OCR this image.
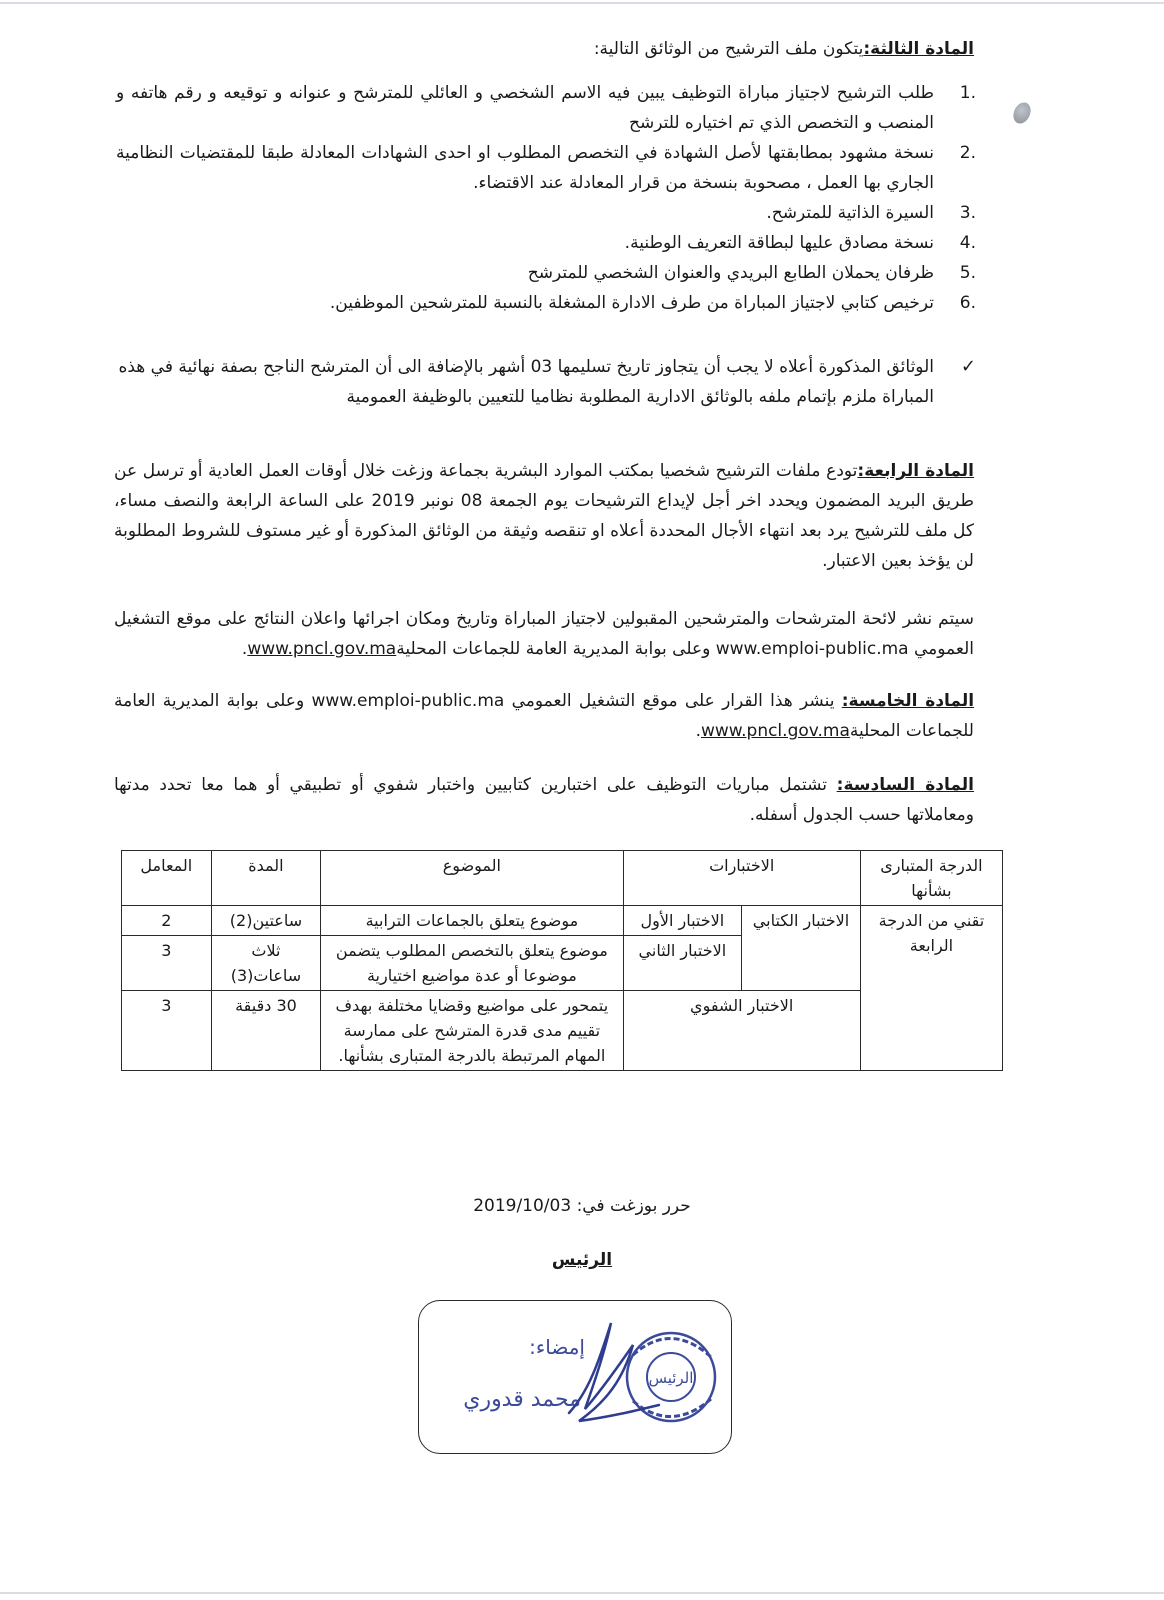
المادة الثالثة:يتكون ملف الترشيح من الوثائق التالية:
1.
طلب الترشيح لاجتياز مباراة التوظيف يبين فيه الاسم الشخصي و العائلي للمترشح و عنوانه و توقيعه و رقم هاتفه و المنصب و التخصص الذي تم اختياره للترشح
2.
نسخة مشهود بمطابقتها لأصل الشهادة في التخصص المطلوب او احدى الشهادات المعادلة طبقا للمقتضيات النظامية الجاري بها العمل ، مصحوبة بنسخة من قرار المعادلة عند الاقتضاء.
3.
السيرة الذاتية للمترشح.
4.
نسخة مصادق عليها لبطاقة التعريف الوطنية.
5.
ظرفان يحملان الطابع البريدي والعنوان الشخصي للمترشح
6.
ترخيص كتابي لاجتياز المباراة من طرف الادارة المشغلة بالنسبة للمترشحين الموظفين.
✓
الوثائق المذكورة أعلاه لا يجب أن يتجاوز تاريخ تسليمها 03 أشهر بالإضافة الى أن المترشح الناجح بصفة نهائية في هذه المباراة ملزم بإتمام ملفه بالوثائق الادارية المطلوبة نظاميا للتعيين بالوظيفة العمومية
المادة الرابعة:تودع ملفات الترشيح شخصيا بمكتب الموارد البشرية بجماعة وزغت خلال أوقات العمل العادية أو ترسل عن طريق البريد المضمون ويحدد اخر أجل لإيداع الترشيحات يوم الجمعة 08 نونبر 2019 على الساعة الرابعة والنصف مساء، كل ملف للترشيح يرد بعد انتهاء الأجال المحددة أعلاه او تنقصه وثيقة من الوثائق المذكورة أو غير مستوف للشروط المطلوبة لن يؤخذ بعين الاعتبار.
سيتم نشر لائحة المترشحات والمترشحين المقبولين لاجتياز المباراة وتاريخ ومكان اجرائها واعلان النتائج على موقع التشغيل العمومي www.emploi-public.ma وعلى بوابة المديرية العامة للجماعات المحليةwww.pncl.gov.ma.
المادة الخامسة: ينشر هذا القرار على موقع التشغيل العمومي www.emploi-public.ma وعلى بوابة المديرية العامة للجماعات المحليةwww.pncl.gov.ma.
المادة السادسة: تشتمل مباريات التوظيف على اختبارين كتابيين واختبار شفوي أو تطبيقي أو هما معا تحدد مدتها ومعاملاتها حسب الجدول أسفله.
الدرجة المتبارى بشأنها	الاختبارات		الموضوع	المدة	المعامل
تقني من الدرجة الرابعة	الاختبار الكتابي	الاختبار الأول	موضوع يتعلق بالجماعات الترابية	ساعتين(2)	2
		الاختبار الثاني	موضوع يتعلق بالتخصص المطلوب يتضمن موضوعا أو عدة مواضيع اختيارية	ثلاث ساعات(3)	3
	الاختبار الشفوي		يتمحور على مواضيع وقضايا مختلفة بهدف تقييم مدى قدرة المترشح على ممارسة المهام المرتبطة بالدرجة المتبارى بشأنها.	30 دقيقة	3
حرر بوزغت في: 2019/10/03
الرئيس
إمضاء:
محمد قدوري
الرئيس
